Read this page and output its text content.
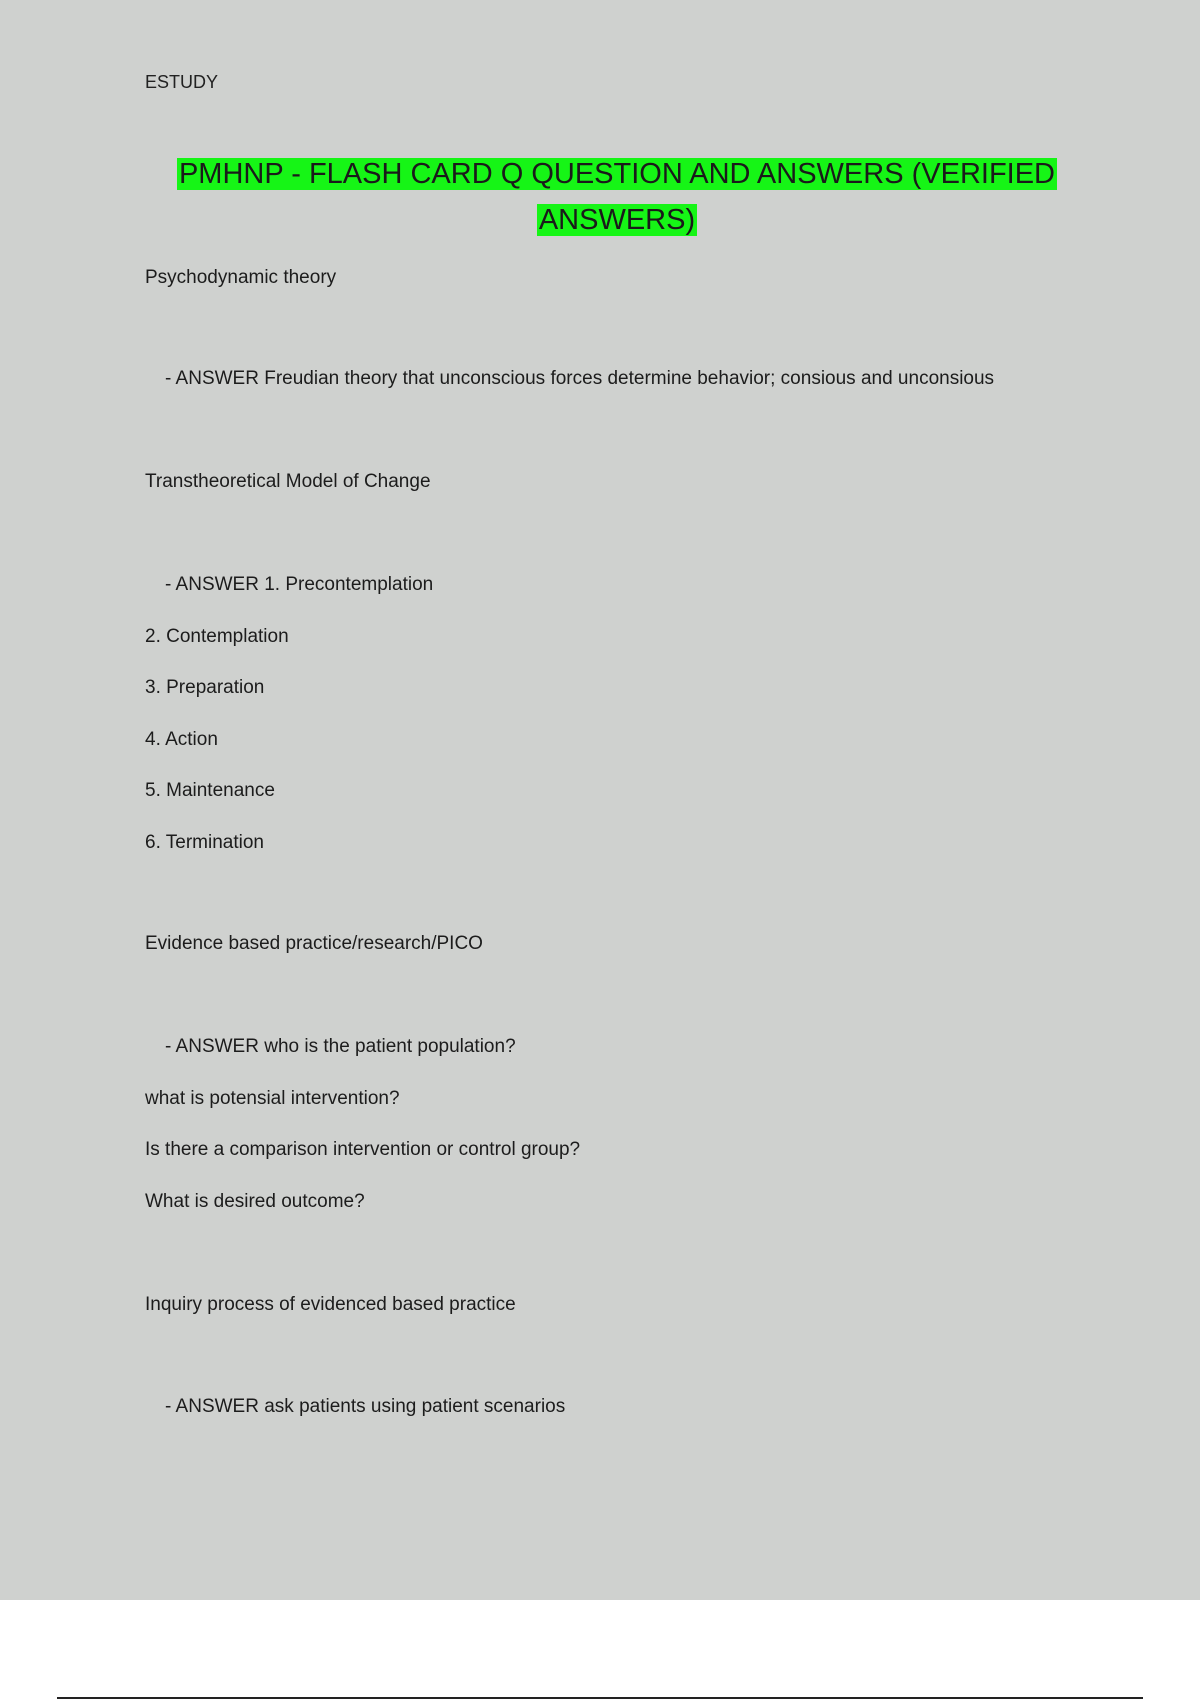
ESTUDY
PMHNP - FLASH CARD Q QUESTION AND ANSWERS (VERIFIED
ANSWERS)
Psychodynamic theory
- ANSWER Freudian theory that unconscious forces determine behavior; consious and unconsious
Transtheoretical Model of Change
- ANSWER 1. Precontemplation
2. Contemplation
3. Preparation
4. Action
5. Maintenance
6. Termination
Evidence based practice/research/PICO
- ANSWER who is the patient population?
what is potensial intervention?
Is there a comparison intervention or control group?
What is desired outcome?
Inquiry process of evidenced based practice
- ANSWER ask patients using patient scenarios
